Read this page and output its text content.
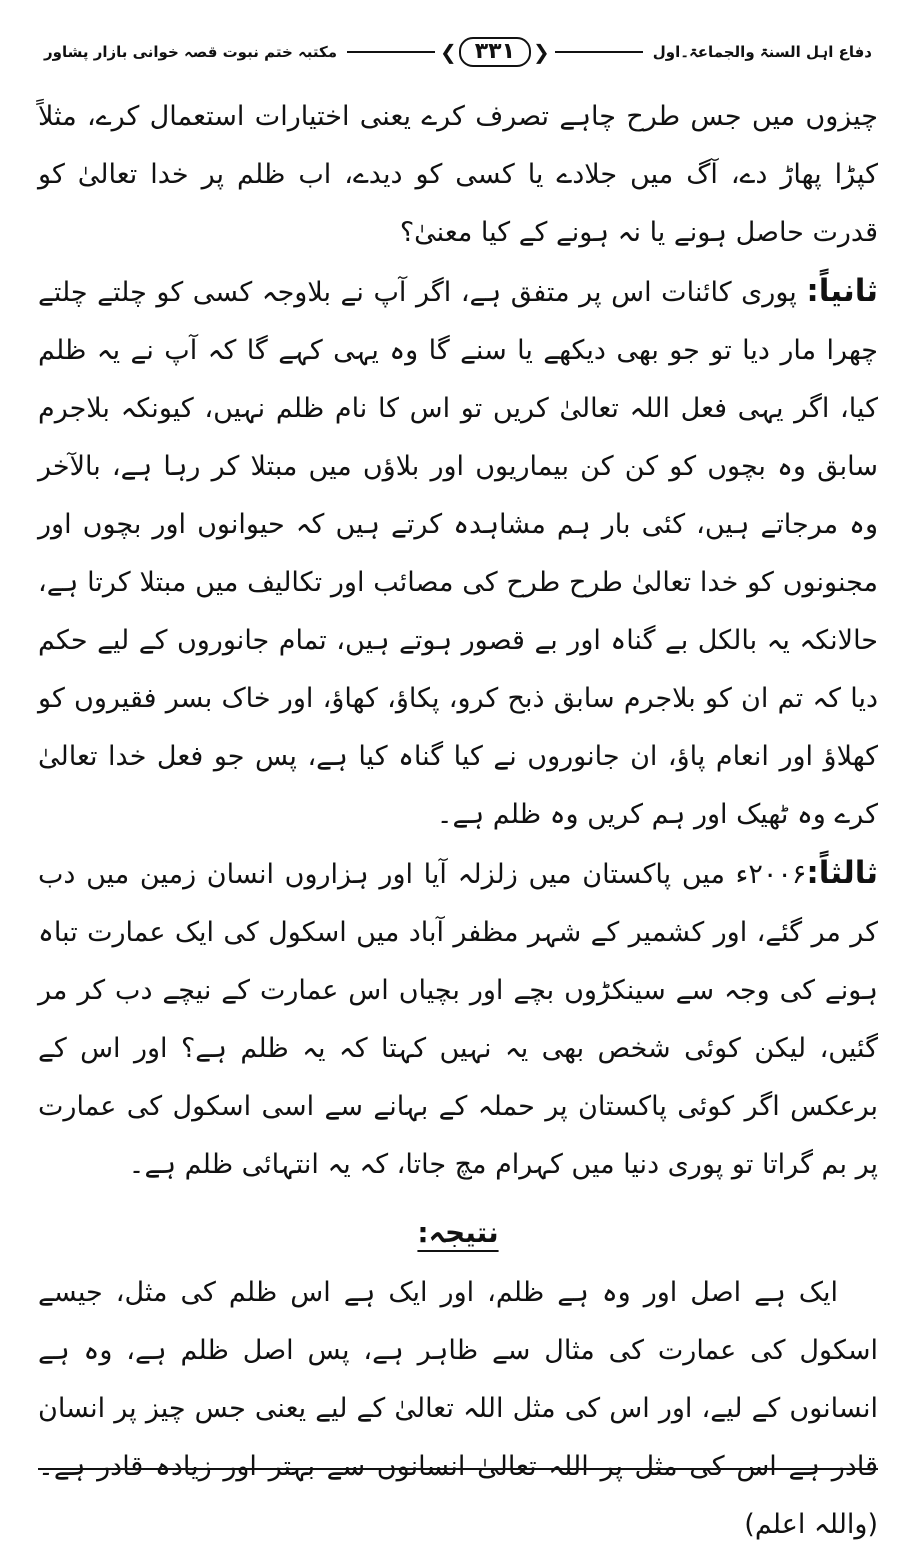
دفاع اہل السنۃ والجماعۃ۔اول
❮ ۳۳۱ ❯
مکتبہ ختم نبوت قصہ خوانی بازار پشاور

چیزوں میں جس طرح چاہے تصرف کرے یعنی اختیارات استعمال کرے، مثلاً کپڑا پھاڑ دے، آگ میں جلادے یا کسی کو دیدے، اب ظلم پر خدا تعالیٰ کو قدرت حاصل ہونے یا نہ ہونے کے کیا معنیٰ؟

ثانیاً: پوری کائنات اس پر متفق ہے، اگر آپ نے بلاوجہ کسی کو چلتے چلتے چھرا مار دیا تو جو بھی دیکھے یا سنے گا وہ یہی کہے گا کہ آپ نے یہ ظلم کیا، اگر یہی فعل اللہ تعالیٰ کریں تو اس کا نام ظلم نہیں، کیونکہ بلاجرم سابق وہ بچوں کو کن کن بیماریوں اور بلاؤں میں مبتلا کر رہا ہے، بالآخر وہ مرجاتے ہیں، کئی بار ہم مشاہدہ کرتے ہیں کہ حیوانوں اور بچوں اور مجنونوں کو خدا تعالیٰ طرح طرح کی مصائب اور تکالیف میں مبتلا کرتا ہے، حالانکہ یہ بالکل بے گناہ اور بے قصور ہوتے ہیں، تمام جانوروں کے لیے حکم دیا کہ تم ان کو بلاجرم سابق ذبح کرو، پکاؤ، کھاؤ، اور خاک بسر فقیروں کو کھلاؤ اور انعام پاؤ، ان جانوروں نے کیا گناہ کیا ہے، پس جو فعل خدا تعالیٰ کرے وہ ٹھیک اور ہم کریں وہ ظلم ہے۔

ثالثاً:۲۰۰۶ء میں پاکستان میں زلزلہ آیا اور ہزاروں انسان زمین میں دب کر مر گئے، اور کشمیر کے شہر مظفر آباد میں اسکول کی ایک عمارت تباہ ہونے کی وجہ سے سینکڑوں بچے اور بچیاں اس عمارت کے نیچے دب کر مر گئیں، لیکن کوئی شخص بھی یہ نہیں کہتا کہ یہ ظلم ہے؟ اور اس کے برعکس اگر کوئی پاکستان پر حملہ کے بہانے سے اسی اسکول کی عمارت پر بم گراتا تو پوری دنیا میں کہرام مچ جاتا، کہ یہ انتہائی ظلم ہے۔

نتیجہ:

ایک ہے اصل اور وہ ہے ظلم، اور ایک ہے اس ظلم کی مثل، جیسے اسکول کی عمارت کی مثال سے ظاہر ہے، پس اصل ظلم ہے، وہ ہے انسانوں کے لیے، اور اس کی مثل اللہ تعالیٰ کے لیے یعنی جس چیز پر انسان قادر ہے اس کی مثل پر اللہ تعالیٰ انسانوں سے بہتر اور زیادہ قادر ہے۔ (واللہ اعلم)
